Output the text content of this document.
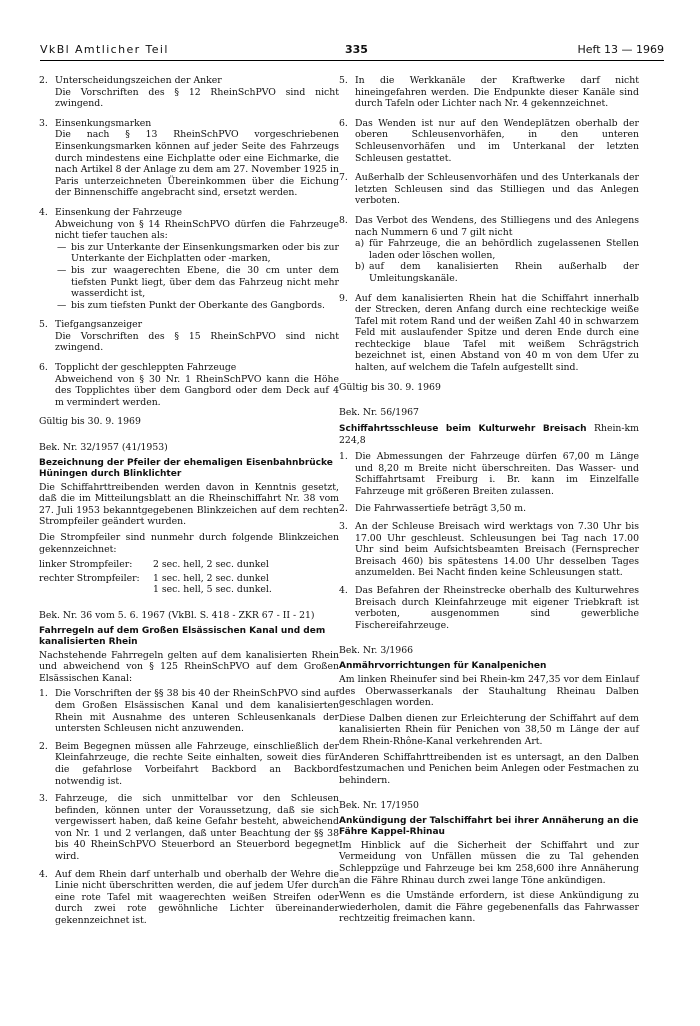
VkBl Amtlicher Teil	335	Heft 13 — 1969
2. Unterscheidungszeichen der Anker
Die Vorschriften des § 12 RheinSchPVO sind nicht zwingend.
3. Einsenkungsmarken
Die nach § 13 RheinSchPVO vorgeschriebenen Einsenkungsmarken können auf jeder Seite des Fahrzeugs durch mindestens eine Eichplatte oder eine Eichmarke, die nach Artikel 8 der Anlage zu dem am 27. November 1925 in Paris unterzeichneten Übereinkommen über die Eichung der Binnenschiffe angebracht sind, ersetzt werden.
4. Einsenkung der Fahrzeuge
Abweichung von § 14 RheinSchPVO dürfen die Fahrzeuge nicht tiefer tauchen als:
— bis zur Unterkante der Einsenkungsmarken oder bis zur Unterkante der Eichplatten oder -marken,
— bis zur waagerechten Ebene, die 30 cm unter dem tiefsten Punkt liegt, über dem das Fahrzeug nicht mehr wasserdicht ist,
— bis zum tiefsten Punkt der Oberkante des Gangbords.
5. Tiefgangsanzeiger
Die Vorschriften des § 15 RheinSchPVO sind nicht zwingend.
6. Topplicht der geschleppten Fahrzeuge
Abweichend von § 30 Nr. 1 RheinSchPVO kann die Höhe des Topplichtes über dem Gangbord oder dem Deck auf 4 m vermindert werden.
Gültig bis 30. 9. 1969
Bek. Nr. 32/1957 (41/1953)
Bezeichnung der Pfeiler der ehemaligen Eisenbahnbrücke Hüningen durch Blinklichter
Die Schiffahrttreibenden werden davon in Kenntnis gesetzt, daß die im Mitteilungsblatt an die Rheinschiffahrt Nr. 38 vom 27. Juli 1953 bekanntgegebenen Blinkzeichen auf dem rechten Strompfeiler geändert wurden.
Die Strompfeiler sind nunmehr durch folgende Blinkzeichen gekennzeichnet:
linker Strompfeiler:	2 sec. hell, 2 sec. dunkel
rechter Strompfeiler:	1 sec. hell, 2 sec. dunkel
1 sec. hell, 5 sec. dunkel.
Bek. Nr. 36 vom 5. 6. 1967 (VkBl. S. 418 - ZKR 67 - II - 21)
Fahrregeln auf dem Großen Elsässischen Kanal und dem kanalisierten Rhein
Nachstehende Fahrregeln gelten auf dem kanalisierten Rhein und abweichend von § 125 RheinSchPVO auf dem Großen Elsässischen Kanal:
1. Die Vorschriften der §§ 38 bis 40 der RheinSchPVO sind auf dem Großen Elsässischen Kanal und dem kanalisierten Rhein mit Ausnahme des unteren Schleusenkanals der untersten Schleusen nicht anzuwenden.
2. Beim Begegnen müssen alle Fahrzeuge, einschließlich der Kleinfahrzeuge, die rechte Seite einhalten, soweit dies für die gefahrlose Vorbeifahrt Backbord an Backbord notwendig ist.
3. Fahrzeuge, die sich unmittelbar vor den Schleusen befinden, können unter der Voraussetzung, daß sie sich vergewissert haben, daß keine Gefahr besteht, abweichend von Nr. 1 und 2 verlangen, daß unter Beachtung der §§ 38 bis 40 RheinSchPVO Steuerbord an Steuerbord begegnet wird.
4. Auf dem Rhein darf unterhalb und oberhalb der Wehre die Linie nicht überschritten werden, die auf jedem Ufer durch eine rote Tafel mit waagerechten weißen Streifen oder durch zwei rote gewöhnliche Lichter übereinander gekennzeichnet ist.
5. In die Werkkanäle der Kraftwerke darf nicht hineingefahren werden. Die Endpunkte dieser Kanäle sind durch Tafeln oder Lichter nach Nr. 4 gekennzeichnet.
6. Das Wenden ist nur auf den Wendeplätzen oberhalb der oberen Schleusenvorhäfen, in den unteren Schleusenvorhäfen und im Unterkanal der letzten Schleusen gestattet.
7. Außerhalb der Schleusenvorhäfen und des Unterkanals der letzten Schleusen sind das Stilliegen und das Anlegen verboten.
8. Das Verbot des Wendens, des Stilliegens und des Anlegens nach Nummern 6 und 7 gilt nicht
a) für Fahrzeuge, die an behördlich zugelassenen Stellen laden oder löschen wollen,
b) auf dem kanalisierten Rhein außerhalb der Umleitungskanäle.
9. Auf dem kanalisierten Rhein hat die Schiffahrt innerhalb der Strecken, deren Anfang durch eine rechteckige weiße Tafel mit rotem Rand und der weißen Zahl 40 in schwarzem Feld mit auslaufender Spitze und deren Ende durch eine rechteckige blaue Tafel mit weißem Schrägstrich bezeichnet ist, einen Abstand von 40 m von dem Ufer zu halten, auf welchem die Tafeln aufgestellt sind.
Gültig bis 30. 9. 1969
Bek. Nr. 56/1967
Schiffahrtsschleuse beim Kulturwehr Breisach Rhein-km 224,8
1. Die Abmessungen der Fahrzeuge dürfen 67,00 m Länge und 8,20 m Breite nicht überschreiten. Das Wasser- und Schiffahrtsamt Freiburg i. Br. kann im Einzelfalle Fahrzeuge mit größeren Breiten zulassen.
2. Die Fahrwassertiefe beträgt 3,50 m.
3. An der Schleuse Breisach wird werktags von 7.30 Uhr bis 17.00 Uhr geschleust. Schleusungen bei Tag nach 17.00 Uhr sind beim Aufsichtsbeamten Breisach (Fernsprecher Breisach 460) bis spätestens 14.00 Uhr desselben Tages anzumelden. Bei Nacht finden keine Schleusungen statt.
4. Das Befahren der Rheinstrecke oberhalb des Kulturwehres Breisach durch Kleinfahrzeuge mit eigener Triebkraft ist verboten, ausgenommen sind gewerbliche Fischereifahrzeuge.
Bek. Nr. 3/1966
Anmährvorrichtungen für Kanalpenichen
Am linken Rheinufer sind bei Rhein-km 247,35 vor dem Einlauf des Oberwasserkanals der Stauhaltung Rheinau Dalben geschlagen worden.
Diese Dalben dienen zur Erleichterung der Schiffahrt auf dem kanalisierten Rhein für Penichen von 38,50 m Länge der auf dem Rhein-Rhône-Kanal verkehrenden Art.
Anderen Schiffahrttreibenden ist es untersagt, an den Dalben festzumachen und Penichen beim Anlegen oder Festmachen zu behindern.
Bek. Nr. 17/1950
Ankündigung der Talschiffahrt bei ihrer Annäherung an die Fähre Kappel-Rhinau
Im Hinblick auf die Sicherheit der Schiffahrt und zur Vermeidung von Unfällen müssen die zu Tal gehenden Schleppzüge und Fahrzeuge bei km 258,600 ihre Annäherung an die Fähre Rhinau durch zwei lange Töne ankündigen.
Wenn es die Umstände erfordern, ist diese Ankündigung zu wiederholen, damit die Fähre gegebenenfalls das Fahrwasser rechtzeitig freimachen kann.
